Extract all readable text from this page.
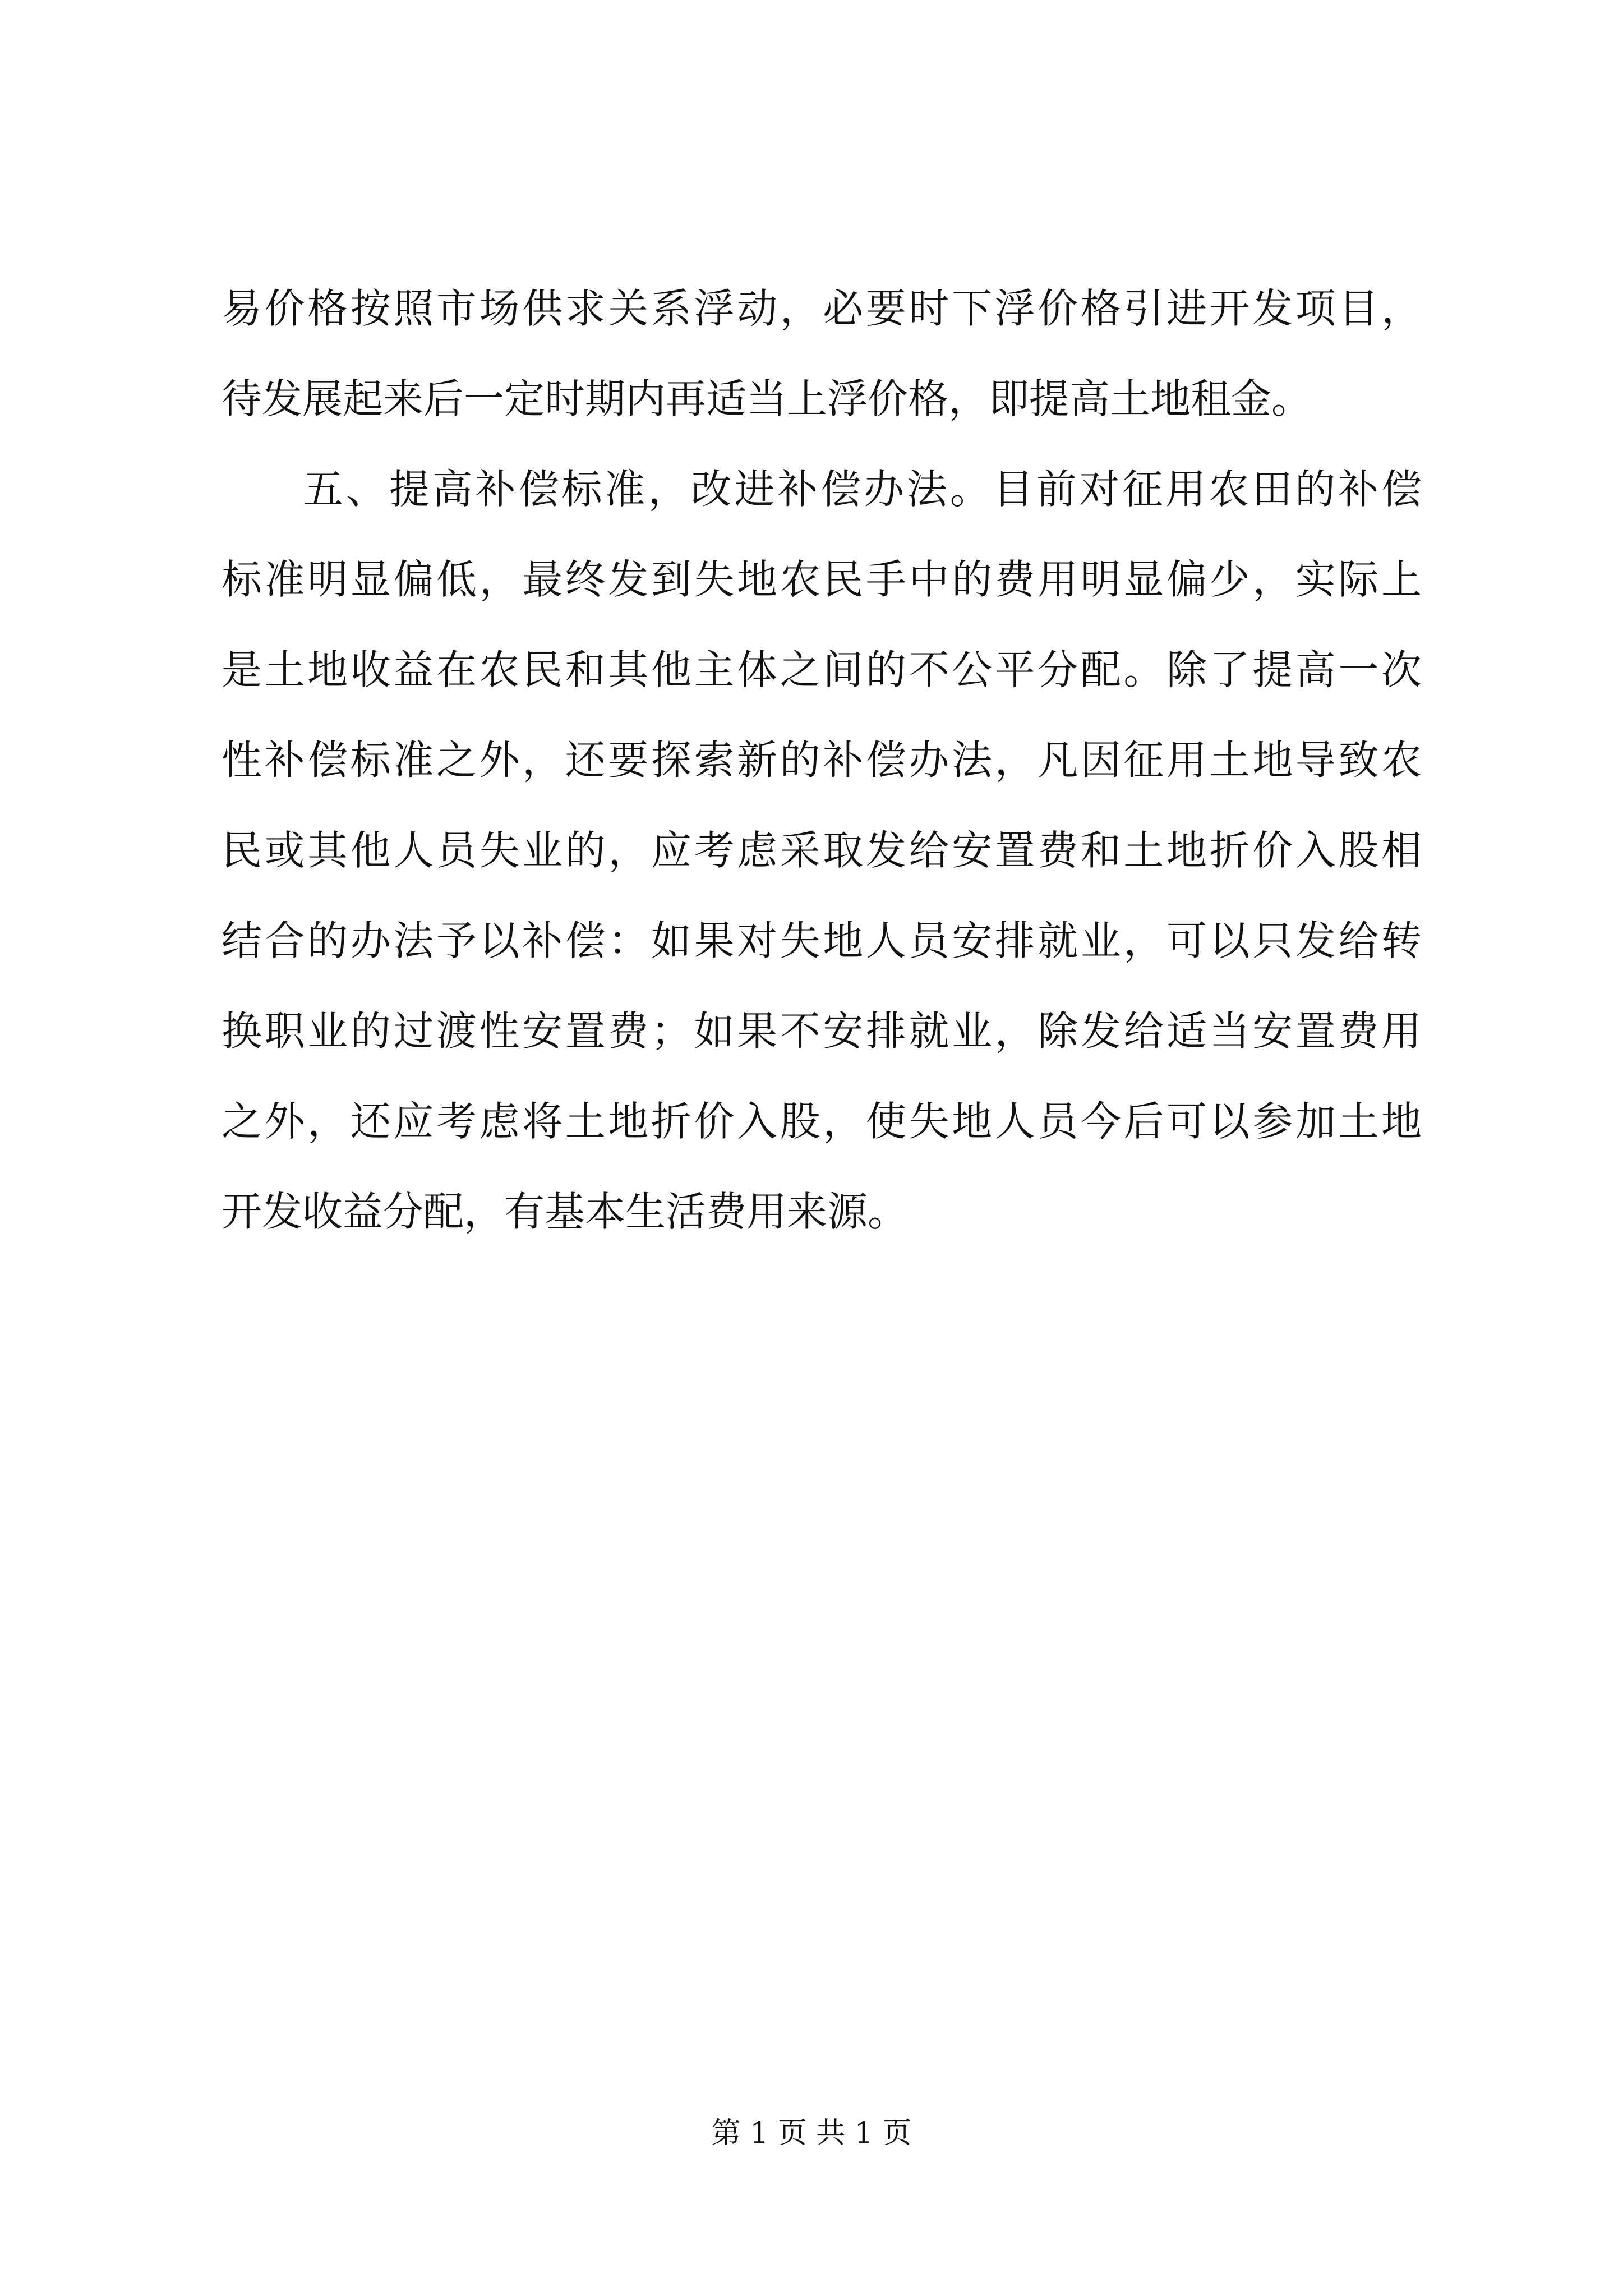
易价格按照市场供求关系浮动，必要时下浮价格引进开发项目，
待发展起来后一定时期内再适当上浮价格，即提高土地租金。
五、提高补偿标准，改进补偿办法。目前对征用农田的补偿
标准明显偏低，最终发到失地农民手中的费用明显偏少，实际上
是土地收益在农民和其他主体之间的不公平分配。除了提高一次
性补偿标准之外，还要探索新的补偿办法，凡因征用土地导致农
民或其他人员失业的，应考虑采取发给安置费和土地折价入股相
结合的办法予以补偿：如果对失地人员安排就业，可以只发给转
换职业的过渡性安置费；如果不安排就业，除发给适当安置费用
之外，还应考虑将土地折价入股，使失地人员今后可以参加土地
开发收益分配，有基本生活费用来源。
第 1 页 共 1 页
